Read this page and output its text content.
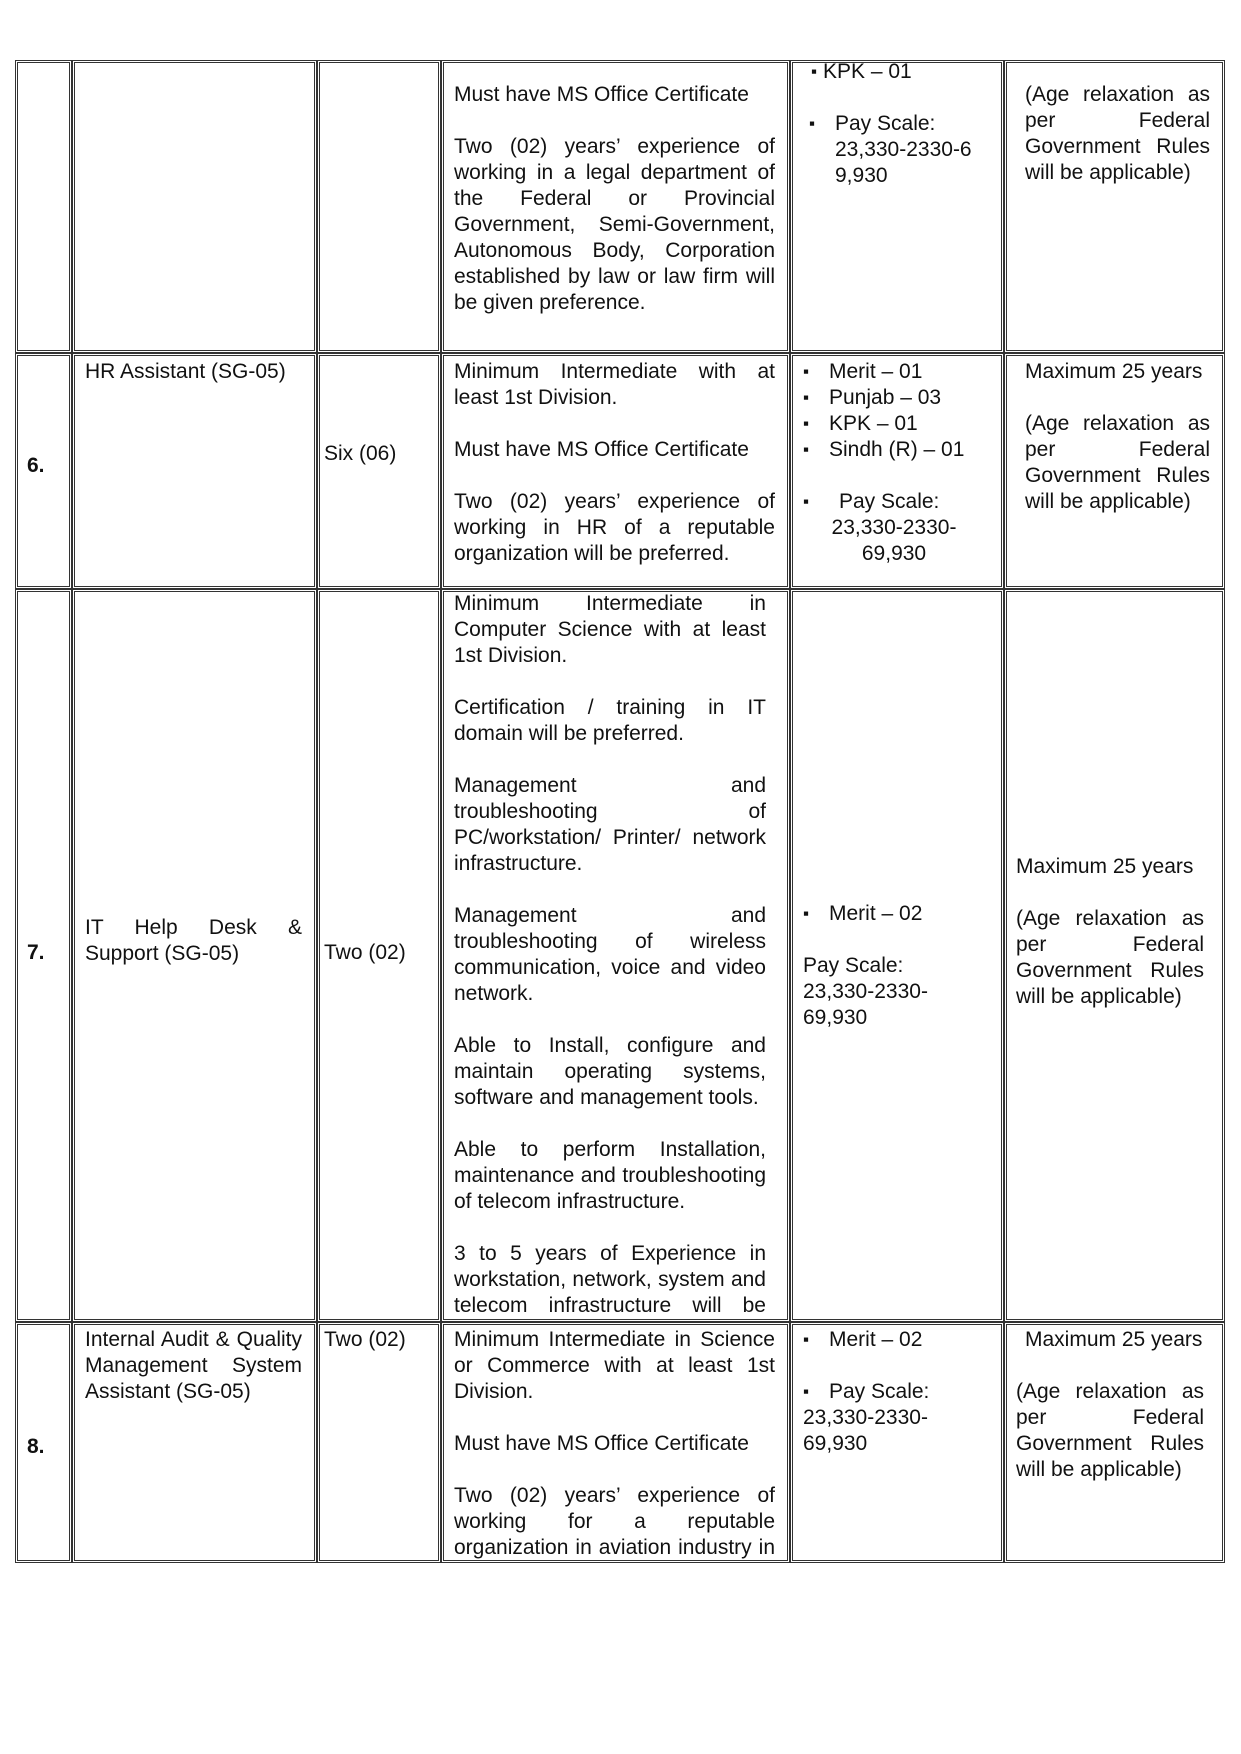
Must have MS Office Certificate

Two (02) years’ experience of working in a legal department of the Federal or Provincial Government, Semi-Government, Autonomous Body, Corporation established by law or law firm will be given preference.

▪ KPK – 01

▪ Pay Scale:

23,330-2330-69,930

(Age relaxation as per Federal Government Rules will be applicable)

6.

HR Assistant (SG-05)

Six (06)

Minimum Intermediate with at least 1st Division.

Must have MS Office Certificate

Two (02) years’ experience of working in HR of a reputable organization will be preferred.

▪ Merit – 01

▪ Punjab – 03

▪ KPK – 01

▪ Sindh (R) – 01

▪ Pay Scale:

23,330-2330-69,930

Maximum 25 years

(Age relaxation as per Federal Government Rules will be applicable)

7.

IT Help Desk & Support (SG-05)	Two (02)

Minimum Intermediate in Computer Science with at least 1st Division.

Certification / training in IT domain will be preferred.

Management and troubleshooting of PC/workstation/ Printer/ network infrastructure.

Management and troubleshooting of wireless communication, voice and video network.

Able to Install, configure and maintain operating systems, software and management tools.

Able to perform Installation, maintenance and troubleshooting of telecom infrastructure.

3 to 5 years of Experience in workstation, network, system and telecom infrastructure will be

▪ Merit – 02

Pay Scale:

23,330-2330-69,930

Maximum 25 years

(Age relaxation as per Federal Government Rules will be applicable)

8.

Internal Audit & Quality Management System Assistant (SG-05)

Two (02)	Minimum Intermediate in Science or Commerce with at least 1st Division.

Must have MS Office Certificate

Two (02) years’ experience of working for a reputable organization in aviation industry in

▪ Merit – 02

▪ Pay Scale:

23,330-2330-69,930

Maximum 25 years

(Age relaxation as per Federal Government Rules will be applicable)
